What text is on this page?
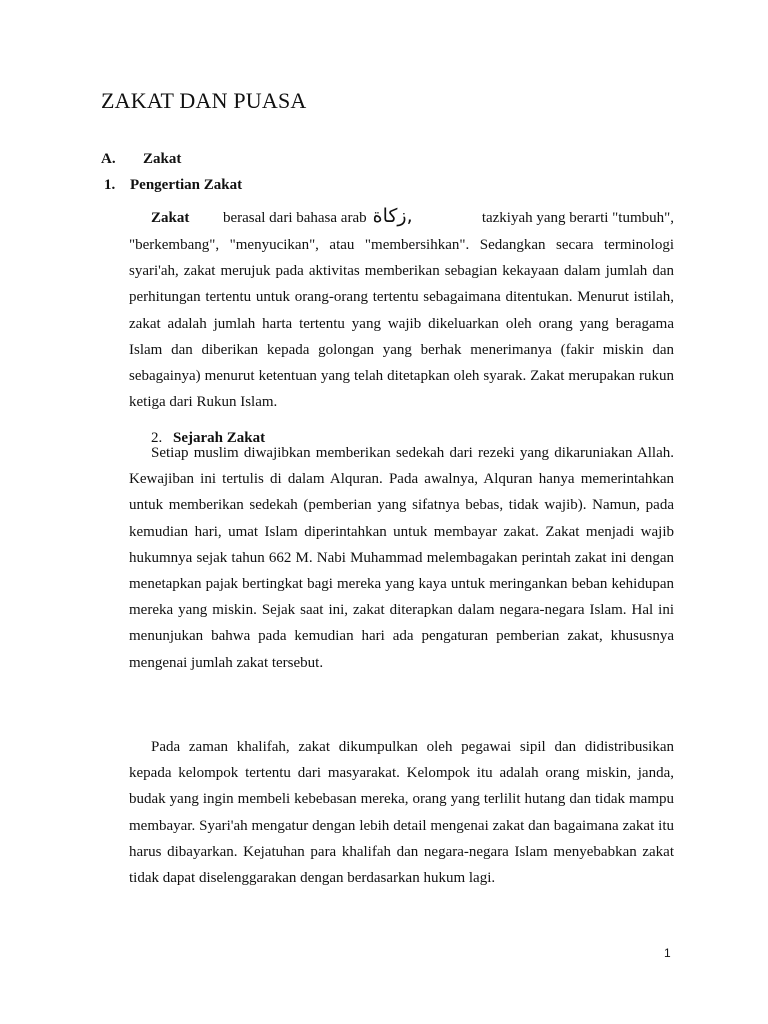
ZAKAT DAN PUASA
A. Zakat
1. Pengertian Zakat
Zakat berasal dari bahasa arab زكاة,	tazkiyah yang berarti "tumbuh",

"berkembang", "menyucikan", atau "membersihkan". Sedangkan secara terminologi syari'ah, zakat merujuk pada aktivitas memberikan sebagian kekayaan dalam jumlah dan perhitungan tertentu untuk orang-orang tertentu sebagaimana ditentukan. Menurut istilah, zakat adalah jumlah harta tertentu yang wajib dikeluarkan oleh orang yang beragama Islam dan diberikan kepada golongan yang berhak menerimanya (fakir miskin dan sebagainya) menurut ketentuan yang telah ditetapkan oleh syarak. Zakat merupakan rukun ketiga dari Rukun Islam.

2. Sejarah Zakat

Setiap muslim diwajibkan memberikan sedekah dari rezeki yang dikaruniakan Allah. Kewajiban ini tertulis di dalam Alquran. Pada awalnya, Alquran hanya memerintahkan untuk memberikan sedekah (pemberian yang sifatnya bebas, tidak wajib). Namun, pada kemudian hari, umat Islam diperintahkan untuk membayar zakat. Zakat menjadi wajib hukumnya sejak tahun 662 M. Nabi Muhammad melembagakan perintah zakat ini dengan menetapkan pajak bertingkat bagi mereka yang kaya untuk meringankan beban kehidupan mereka yang miskin. Sejak saat ini, zakat diterapkan dalam negara-negara Islam. Hal ini menunjukan bahwa pada kemudian hari ada pengaturan pemberian zakat, khususnya mengenai jumlah zakat tersebut.

Pada zaman khalifah, zakat dikumpulkan oleh pegawai sipil dan didistribusikan kepada kelompok tertentu dari masyarakat. Kelompok itu adalah orang miskin, janda, budak yang ingin membeli kebebasan mereka, orang yang terlilit hutang dan tidak mampu membayar. Syari'ah mengatur dengan lebih detail mengenai zakat dan bagaimana zakat itu harus dibayarkan. Kejatuhan para khalifah dan negara-negara Islam menyebabkan zakat tidak dapat diselenggarakan dengan berdasarkan hukum lagi.

1
